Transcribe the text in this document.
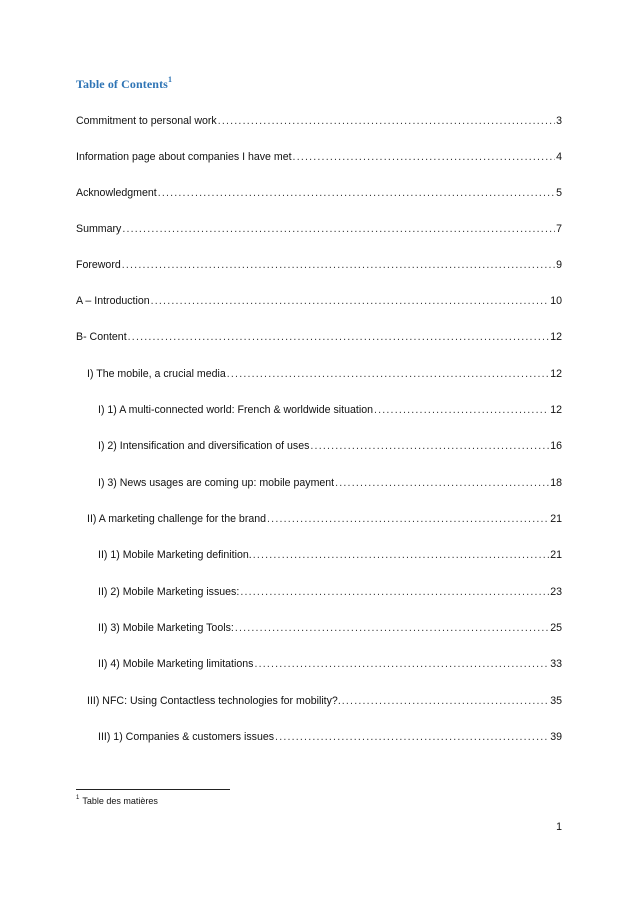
Table of Contents$^1$
Commitment to personal work .....	3
Information page about companies I have met .....	4
Acknowledgment .....	5
Summary .....	7
Foreword .....	9
A – Introduction .....	10
B- Content .....	12
I) The mobile, a crucial media .....	12
I) 1) A multi-connected world: French & worldwide situation .....	12
I) 2) Intensification and diversification of uses .....	16
I) 3) News usages are coming up: mobile payment .....	18
II) A marketing challenge for the brand .....	21
II) 1) Mobile Marketing definition. .....	21
II) 2) Mobile Marketing issues: .....	23
II) 3) Mobile Marketing Tools: .....	25
II) 4) Mobile Marketing limitations .....	33
III) NFC: Using Contactless technologies for mobility?. .....	35
III) 1) Companies & customers issues .....	39
$^1$ Table des matières
1
